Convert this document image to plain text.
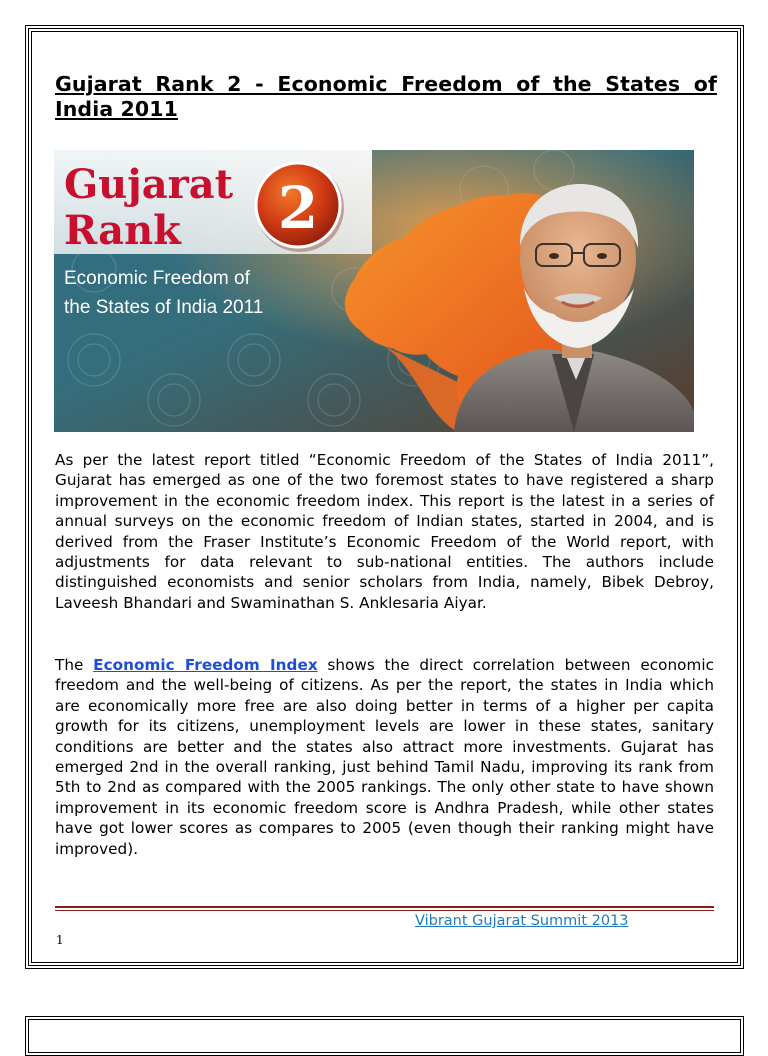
Gujarat Rank 2 - Economic Freedom of the States of India 2011
Gujarat
Rank 2
Economic Freedom of
the States of India 2011

As per the latest report titled “Economic Freedom of the States of India 2011”, Gujarat has emerged as one of the two foremost states to have registered a sharp improvement in the economic freedom index. This report is the latest in a series of annual surveys on the economic freedom of Indian states, started in 2004, and is derived from the Fraser Institute’s Economic Freedom of the World report, with adjustments for data relevant to sub-national entities. The authors include distinguished economists and senior scholars from India, namely, Bibek Debroy, Laveesh Bhandari and Swaminathan S. Anklesaria Aiyar.

The Economic Freedom Index shows the direct correlation between economic freedom and the well-being of citizens. As per the report, the states in India which are economically more free are also doing better in terms of a higher per capita growth for its citizens, unemployment levels are lower in these states, sanitary conditions are better and the states also attract more investments. Gujarat has emerged 2nd in the overall ranking, just behind Tamil Nadu, improving its rank from 5th to 2nd as compared with the 2005 rankings. The only other state to have shown improvement in its economic freedom score is Andhra Pradesh, while other states have got lower scores as compares to 2005 (even though their ranking might have improved).

Vibrant Gujarat Summit 2013
1
